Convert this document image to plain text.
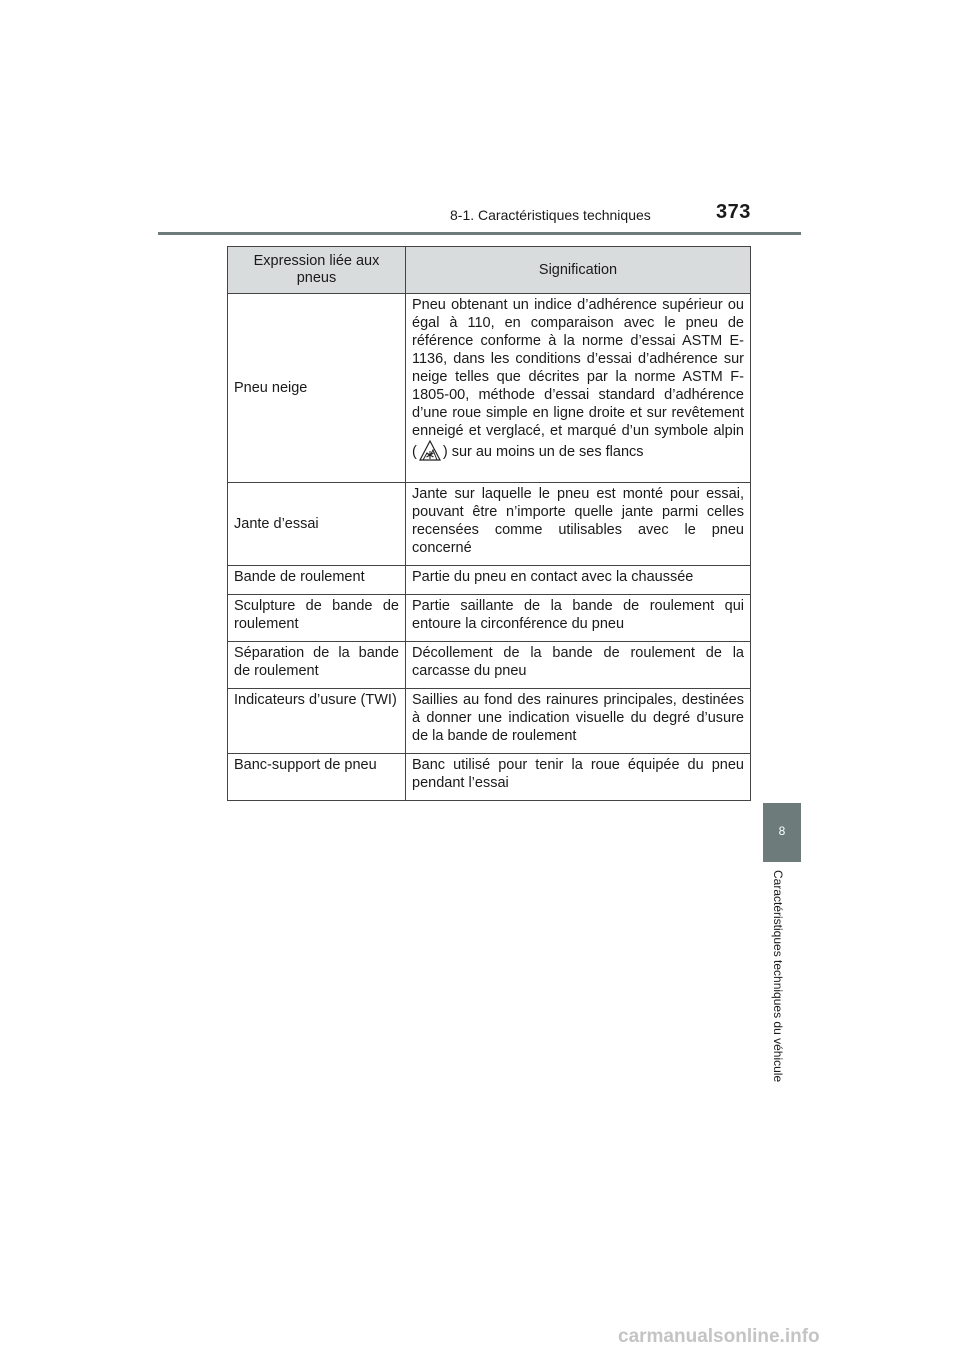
8-1. Caractéristiques techniques	373
8
Caractéristiques techniques du véhicule
Expression liée aux pneus	Signification
Pneu neige	Pneu obtenant un indice d’adhérence supérieur ou égal à 110, en comparaison avec le pneu de référence conforme à la norme d’essai ASTM E-1136, dans les conditions d’essai d’adhérence sur neige telles que décrites par la norme ASTM F-1805-00, méthode d’essai standard d’adhérence d’une roue simple en ligne droite et sur revêtement enneigé et verglacé, et marqué d’un symbole alpin ( ) sur au moins un de ses flancs
Jante d’essai	Jante sur laquelle le pneu est monté pour essai, pouvant être n’importe quelle jante parmi celles recensées comme utilisables avec le pneu concerné
Bande de roulement	Partie du pneu en contact avec la chaussée
Sculpture de bande de roulement	Partie saillante de la bande de roulement qui entoure la circonférence du pneu
Séparation de la bande de roulement	Décollement de la bande de roulement de la carcasse du pneu
Indicateurs d’usure (TWI)	Saillies au fond des rainures principales, destinées à donner une indication visuelle du degré d’usure de la bande de roulement
Banc-support de pneu	Banc utilisé pour tenir la roue équipée du pneu pendant l’essai
carmanualsonline.info
